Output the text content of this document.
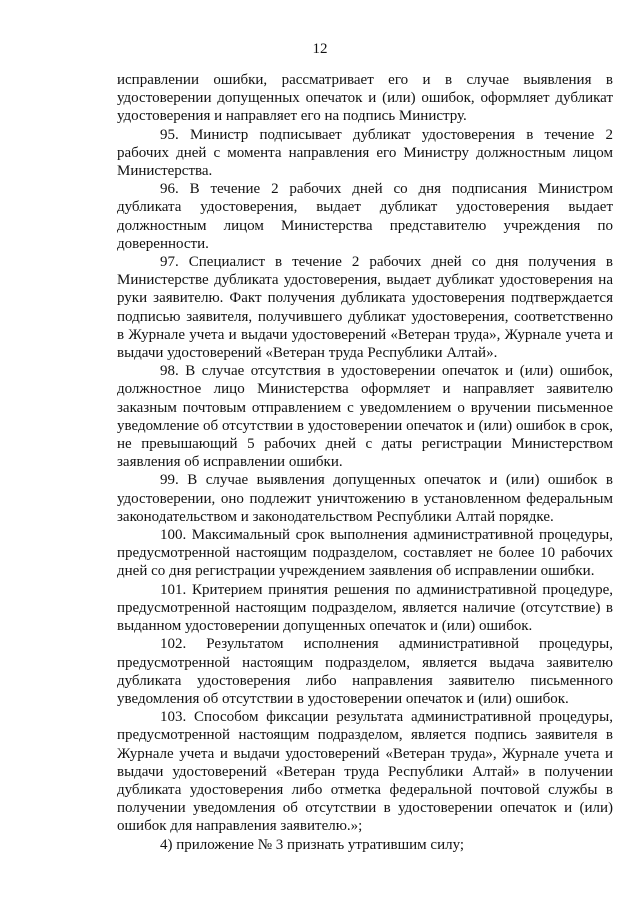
12

исправлении ошибки, рассматривает его и в случае выявления в удостоверении допущенных опечаток и (или) ошибок, оформляет дубликат удостоверения и направляет его на подпись Министру.

95. Министр подписывает дубликат удостоверения в течение 2 рабочих дней с момента направления его Министру должностным лицом Министерства.

96. В течение 2 рабочих дней со дня подписания Министром дубликата удостоверения, выдает дубликат удостоверения выдает должностным лицом Министерства представителю учреждения по доверенности.

97. Специалист в течение 2 рабочих дней со дня получения в Министерстве дубликата удостоверения, выдает дубликат удостоверения на руки заявителю. Факт получения дубликата удостоверения подтверждается подписью заявителя, получившего дубликат удостоверения, соответственно в Журнале учета и выдачи удостоверений «Ветеран труда», Журнале учета и выдачи удостоверений «Ветеран труда Республики Алтай».

98. В случае отсутствия в удостоверении опечаток и (или) ошибок, должностное лицо Министерства оформляет и направляет заявителю заказным почтовым отправлением с уведомлением о вручении письменное уведомление об отсутствии в удостоверении опечаток и (или) ошибок в срок, не превышающий 5 рабочих дней с даты регистрации Министерством заявления об исправлении ошибки.

99. В случае выявления допущенных опечаток и (или) ошибок в удостоверении, оно подлежит уничтожению в установленном федеральным законодательством и законодательством Республики Алтай порядке.

100. Максимальный срок выполнения административной процедуры, предусмотренной настоящим подразделом, составляет не более 10 рабочих дней со дня регистрации учреждением заявления об исправлении ошибки.

101. Критерием принятия решения по административной процедуре, предусмотренной настоящим подразделом, является наличие (отсутствие) в выданном удостоверении допущенных опечаток и (или) ошибок.

102. Результатом исполнения административной процедуры, предусмотренной настоящим подразделом, является выдача заявителю дубликата удостоверения либо направления заявителю письменного уведомления об отсутствии в удостоверении опечаток и (или) ошибок.

103. Способом фиксации результата административной процедуры, предусмотренной настоящим подразделом, является подпись заявителя в Журнале учета и выдачи удостоверений «Ветеран труда», Журнале учета и выдачи удостоверений «Ветеран труда Республики Алтай» в получении дубликата удостоверения либо отметка федеральной почтовой службы в получении уведомления об отсутствии в удостоверении опечаток и (или) ошибок для направления заявителю.»;

4) приложение № 3 признать утратившим силу;
